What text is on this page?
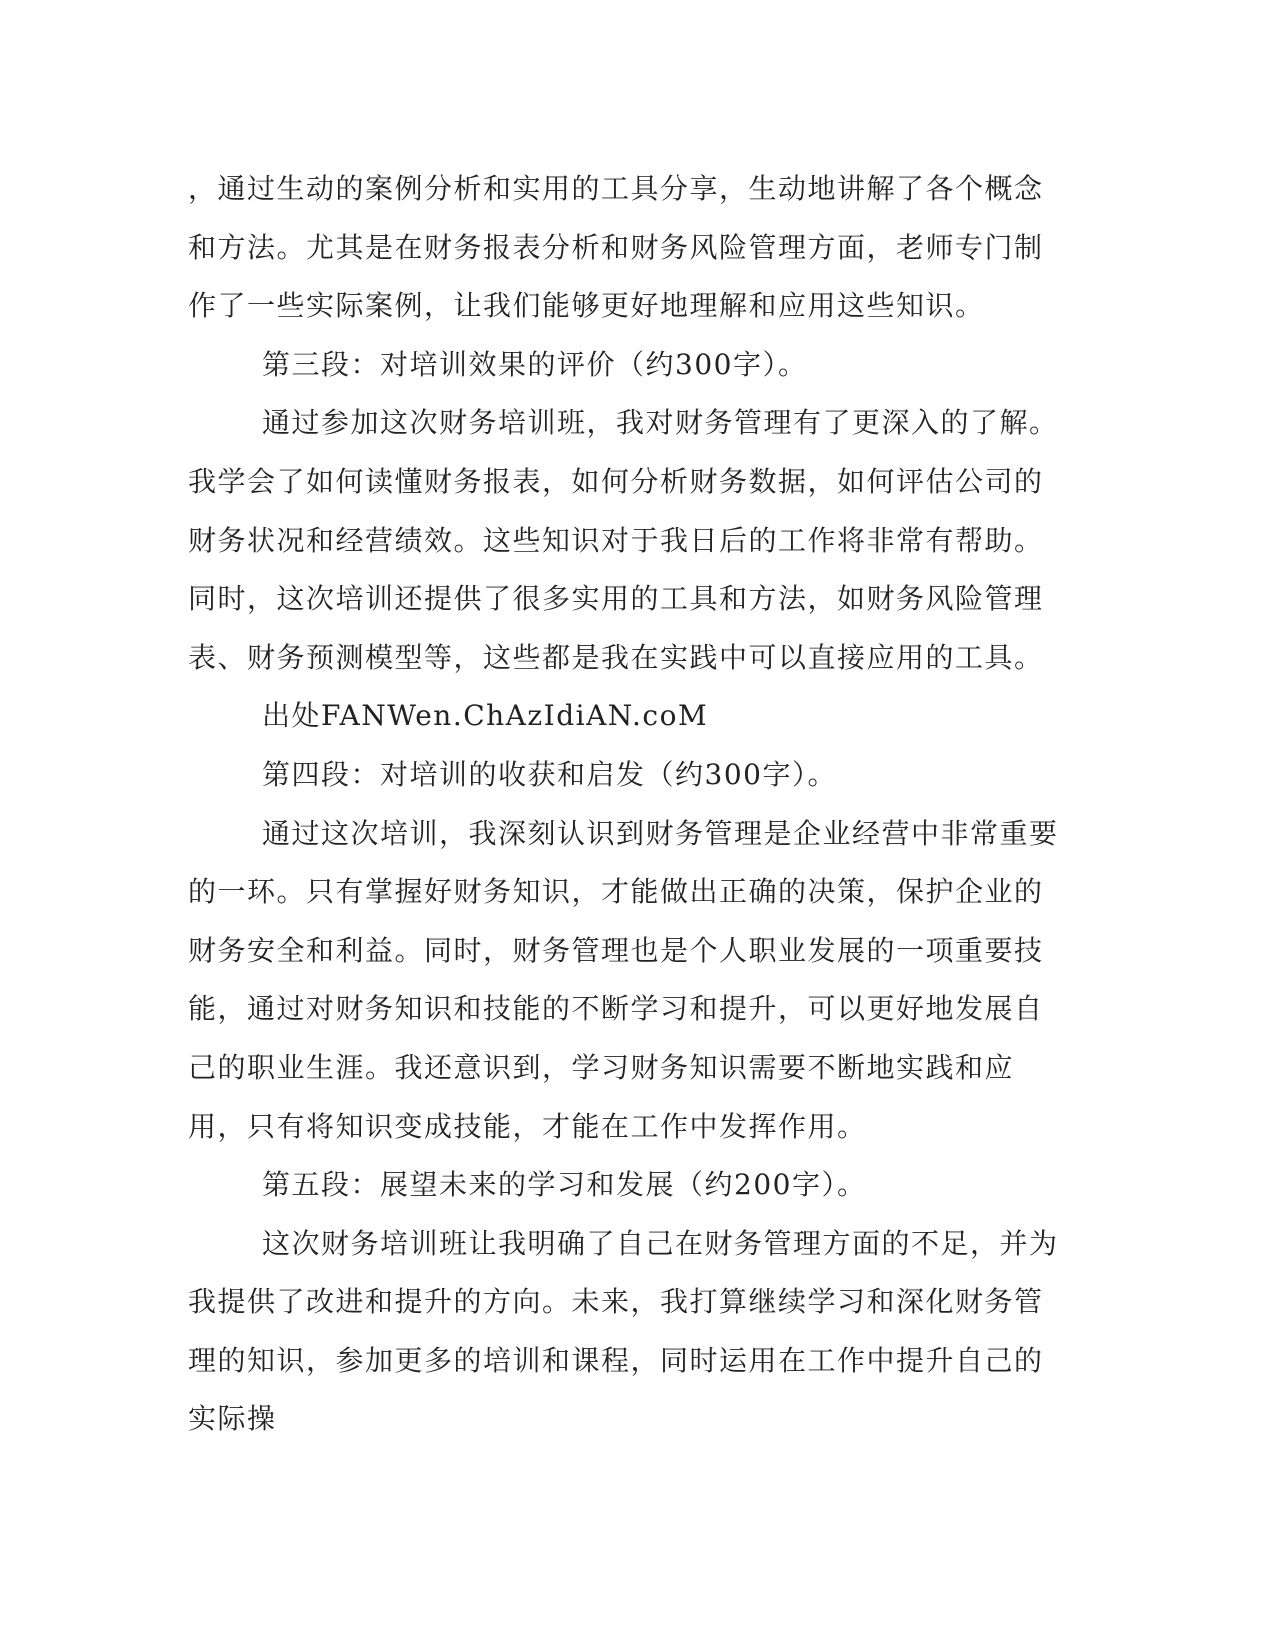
，通过生动的案例分析和实用的工具分享，生动地讲解了各个概念和方法。尤其是在财务报表分析和财务风险管理方面，老师专门制作了一些实际案例，让我们能够更好地理解和应用这些知识。

第三段：对培训效果的评价（约300字）。

通过参加这次财务培训班，我对财务管理有了更深入的了解。我学会了如何读懂财务报表，如何分析财务数据，如何评估公司的财务状况和经营绩效。这些知识对于我日后的工作将非常有帮助。同时，这次培训还提供了很多实用的工具和方法，如财务风险管理表、财务预测模型等，这些都是我在实践中可以直接应用的工具。

出处FANWen.ChAzIdiAN.coM

第四段：对培训的收获和启发（约300字）。

通过这次培训，我深刻认识到财务管理是企业经营中非常重要的一环。只有掌握好财务知识，才能做出正确的决策，保护企业的财务安全和利益。同时，财务管理也是个人职业发展的一项重要技能，通过对财务知识和技能的不断学习和提升，可以更好地发展自己的职业生涯。我还意识到，学习财务知识需要不断地实践和应用，只有将知识变成技能，才能在工作中发挥作用。

第五段：展望未来的学习和发展（约200字）。

这次财务培训班让我明确了自己在财务管理方面的不足，并为我提供了改进和提升的方向。未来，我打算继续学习和深化财务管理的知识，参加更多的培训和课程，同时运用在工作中提升自己的实际操
